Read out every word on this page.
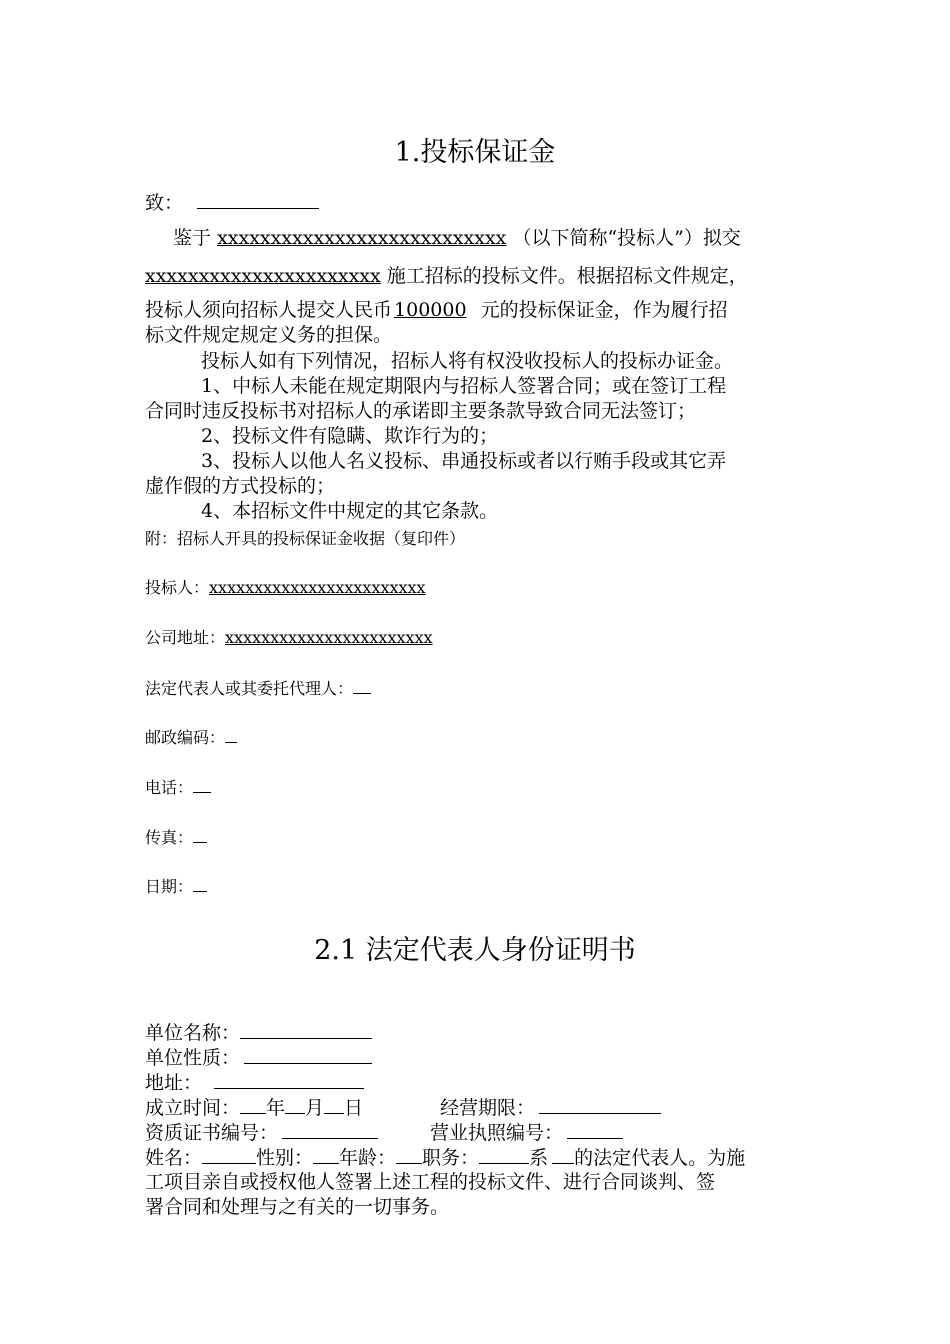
1.投标保证金
致：
鉴于 xxxxxxxxxxxxxxxxxxxxxxxxxxx （以下简称“投标人”）拟交
xxxxxxxxxxxxxxxxxxxxxx 施工招标的投标文件。根据招标文件规定，
投标人须向招标人提交人民币 100000 元的投标保证金，作为履行招
标文件规定规定义务的担保。
投标人如有下列情况，招标人将有权没收投标人的投标办证金。
1、中标人未能在规定期限内与招标人签署合同；或在签订工程
合同时违反投标书对招标人的承诺即主要条款导致合同无法签订；
2、投标文件有隐瞒、欺诈行为的；
3、投标人以他人名义投标、串通投标或者以行贿手段或其它弄
虚作假的方式投标的；
4、本招标文件中规定的其它条款。
附：招标人开具的投标保证金收据（复印件）
投标人：xxxxxxxxxxxxxxxxxxxxxxxx
公司地址：xxxxxxxxxxxxxxxxxxxxxxx
法定代表人或其委托代理人：
邮政编码：
电话：
传真：
日期：
2.1 法定代表人身份证明书
单位名称：
单位性质：
地址：
成立时间： 年 月 日	经营期限：
资质证书编号：	营业执照编号：
姓名：	性别： 年龄： 职务：	系 的法定代表人。为施
工项目亲自或授权他人签署上述工程的投标文件、进行合同谈判、签
署合同和处理与之有关的一切事务。
